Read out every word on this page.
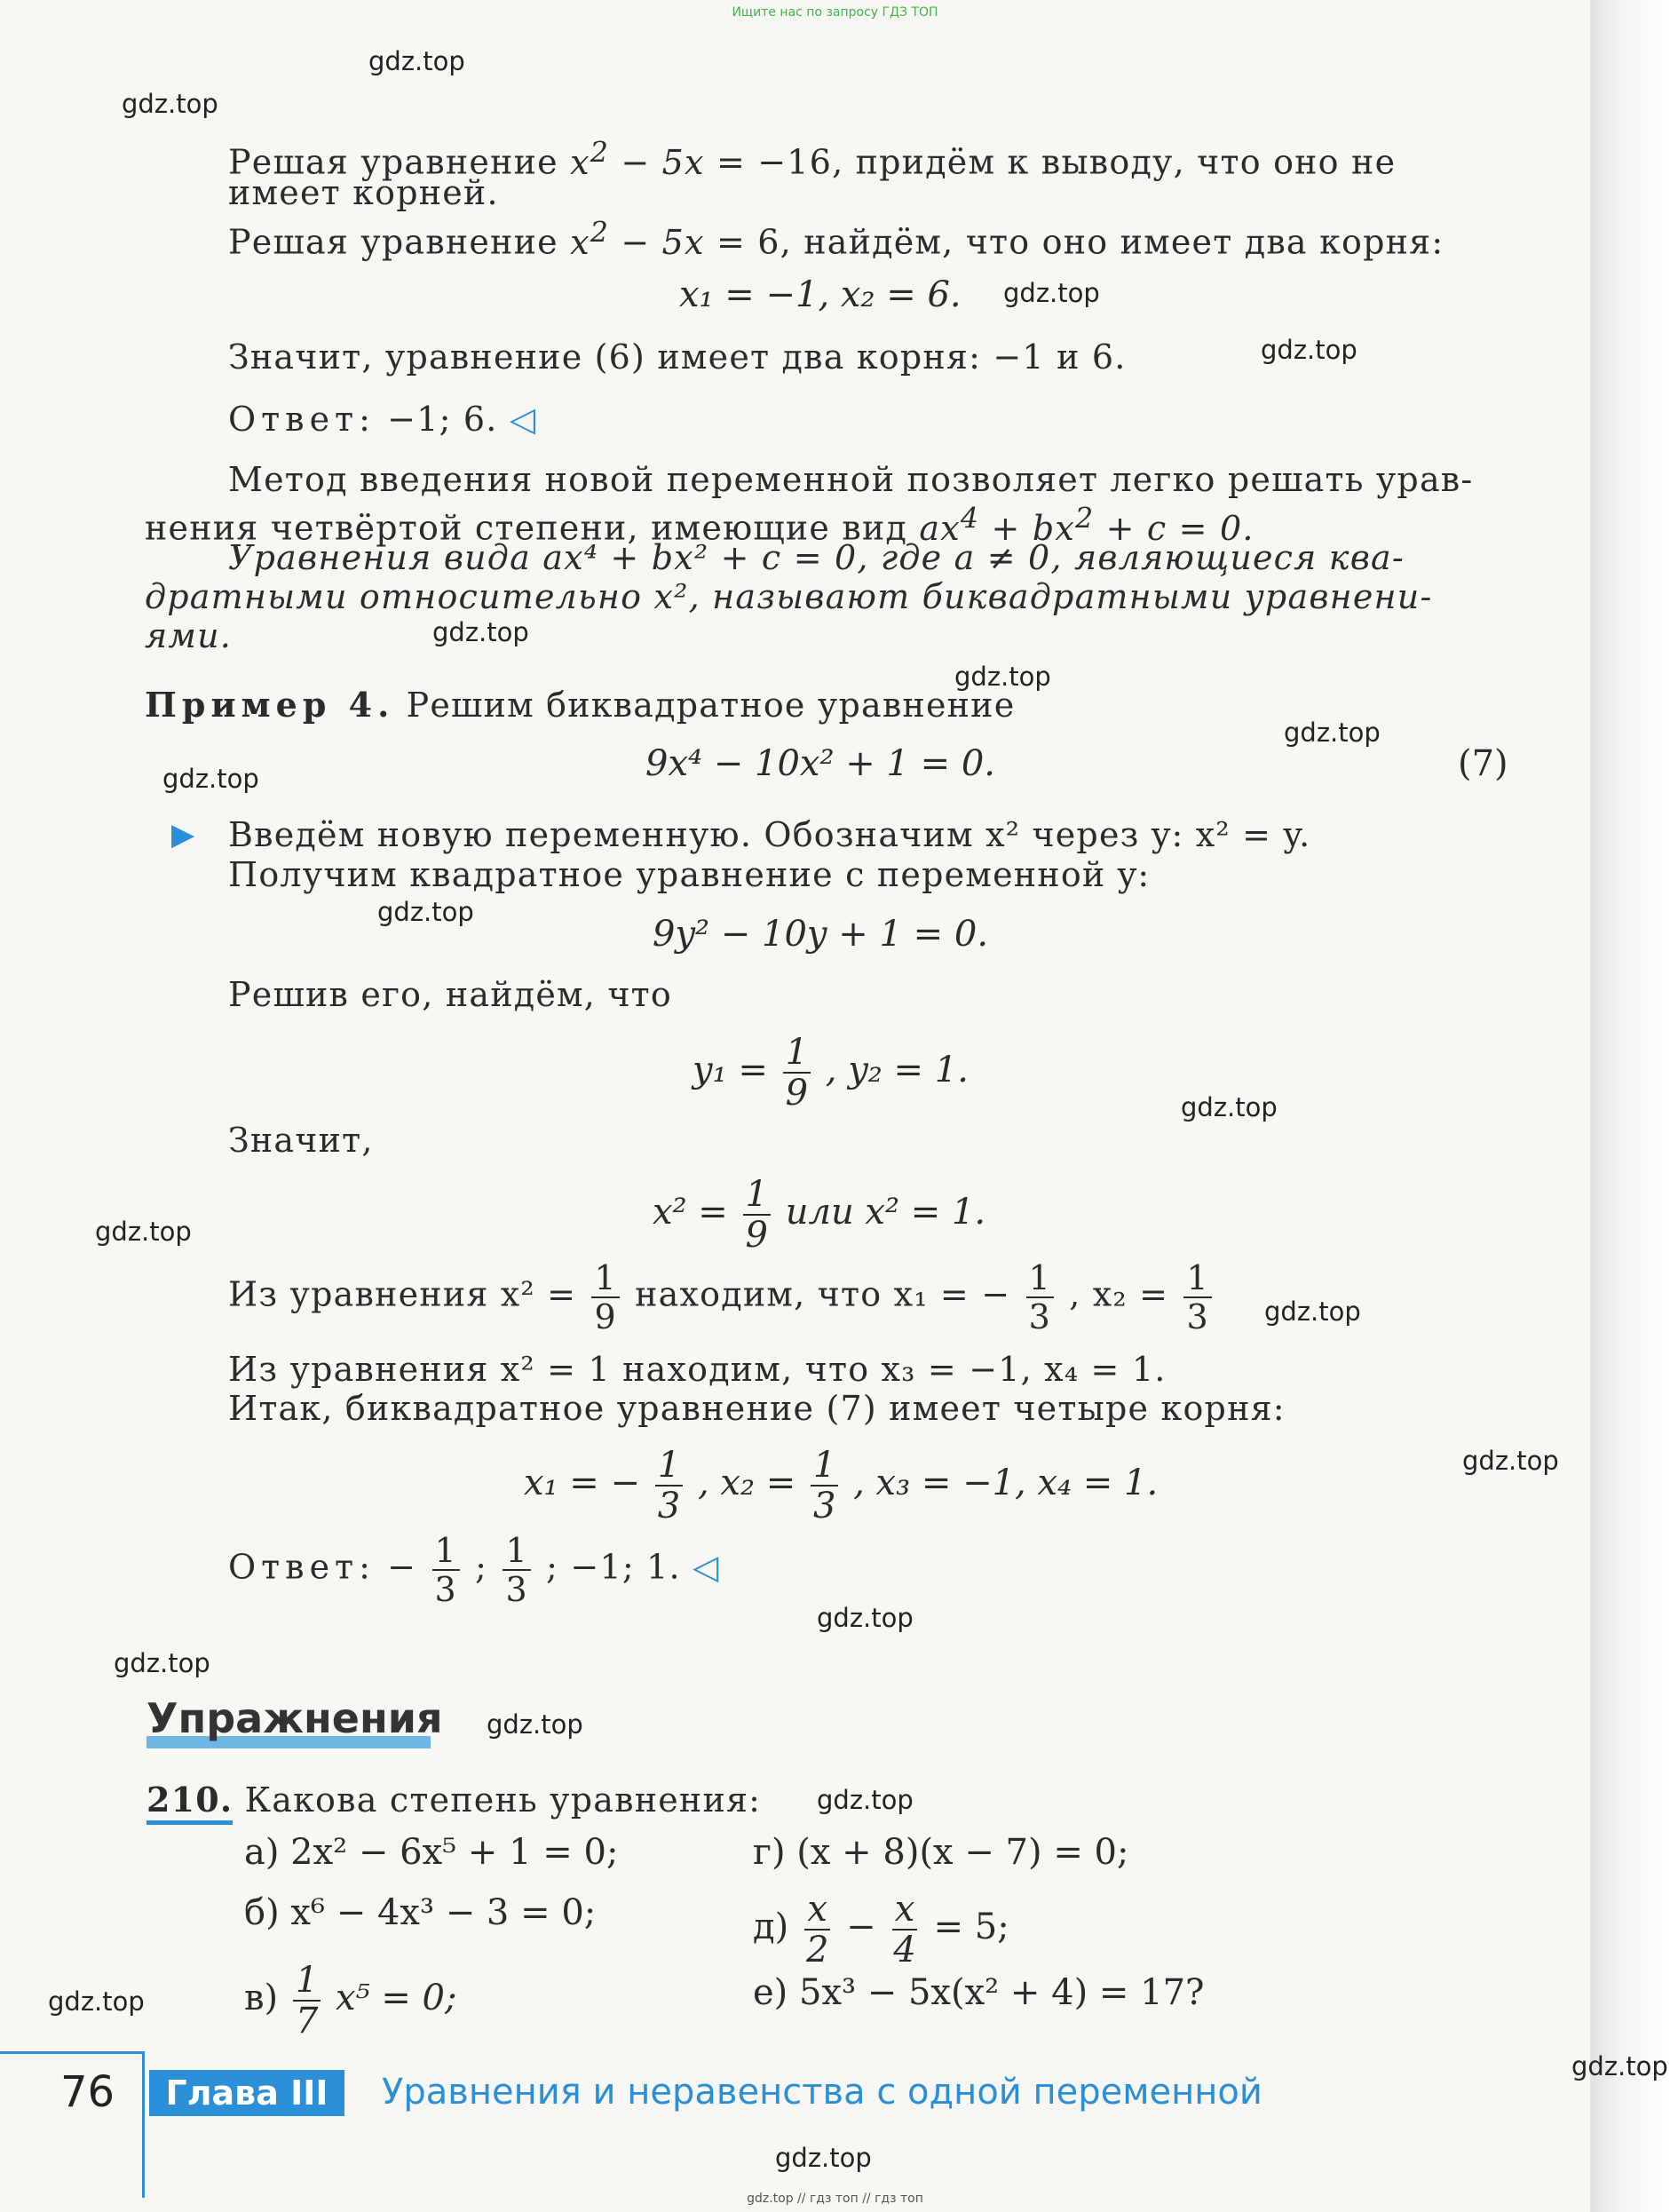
Ищите нас по запросу ГДЗ ТОП
gdz.top
gdz.top
gdz.top
gdz.top
gdz.top
gdz.top
gdz.top
gdz.top
gdz.top
gdz.top
gdz.top
gdz.top
gdz.top
gdz.top
gdz.top
gdz.top
gdz.top
gdz.top
gdz.top
gdz.top
Решая уравнение $x^2 - 5x = -16$, придём к выводу, что оно не
имеет корней.
Решая уравнение $x^2 - 5x = 6$, найдём, что оно имеет два корня:
x₁ = −1, x₂ = 6.
Значит, уравнение (6) имеет два корня: −1 и 6.
Ответ: −1; 6. ◁
Метод введения новой переменной позволяет легко решать урав-
нения четвёртой степени, имеющие вид $ax^4 + bx^2 + c = 0$.
Уравнения вида ax⁴ + bx² + c = 0, где a ≠ 0, являющиеся ква-
дратными относительно x², называют биквадратными уравнени-
ями.
Пример 4. Решим биквадратное уравнение
9x⁴ − 10x² + 1 = 0.	(7)
▶ Введём новую переменную. Обозначим x² через y: x² = y.
Получим квадратное уравнение с переменной y:
9y² − 10y + 1 = 0.
Решив его, найдём, что
$y_1 = \frac{1}{9}$ , y₂ = 1.
Значит,
$x^2 = \frac{1}{9}$ или x² = 1.
Из уравнения $x^2 = \frac{1}{9}$ находим, что x₁ = − $\frac{1}{3}$ , $x_2 = \frac{1}{3}$
Из уравнения x² = 1 находим, что x₃ = −1, x₄ = 1.
Итак, биквадратное уравнение (7) имеет четыре корня:
x₁ = − $\frac{1}{3}$ , $x_2 = \frac{1}{3}$ , x₃ = −1, x₄ = 1.
Ответ: − $\frac{1}{3}$ ; $\frac{1}{3}$ ; −1; 1. ◁
Упражнения
210. Какова степень уравнения:
а) 2x² − 6x⁵ + 1 = 0;
б) x⁶ − 4x³ − 3 = 0;
$в) \frac{1}{7} x^5 = 0$;
г) (x + 8)(x − 7) = 0;
$д) \frac{x}{2} - \frac{x}{4} = 5$;
е) 5x³ − 5x(x² + 4) = 17?
76	Глава III	Уравнения и неравенства с одной переменной
gdz.top // гдз топ // гдз топ
